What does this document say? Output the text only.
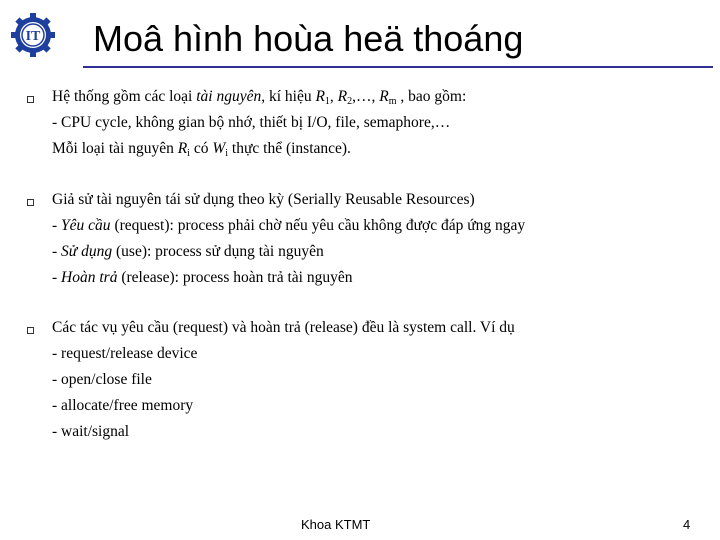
IT Moâ hình hoùa heä thoáng
Hệ thống gồm các loại tài nguyên, kí hiệu $R_1$, $R_2,\dots$, $R_m$ , bao gồm:
- CPU cycle, không gian bộ nhớ, thiết bị I/O, file, semaphore,…
Mỗi loại tài nguyên $R_i$ có $W_i$ thực thể (instance).
Giả sử tài nguyên tái sử dụng theo kỳ (Serially Reusable Resources)
- Yêu cầu (request): process phải chờ nếu yêu cầu không được đáp ứng ngay
- Sử dụng (use): process sử dụng tài nguyên
- Hoàn trả (release): process hoàn trả tài nguyên
Các tác vụ yêu cầu (request) và hoàn trả (release) đều là system call. Ví dụ
- request/release device
- open/close file
- allocate/free memory
- wait/signal
Khoa KTMT	4
